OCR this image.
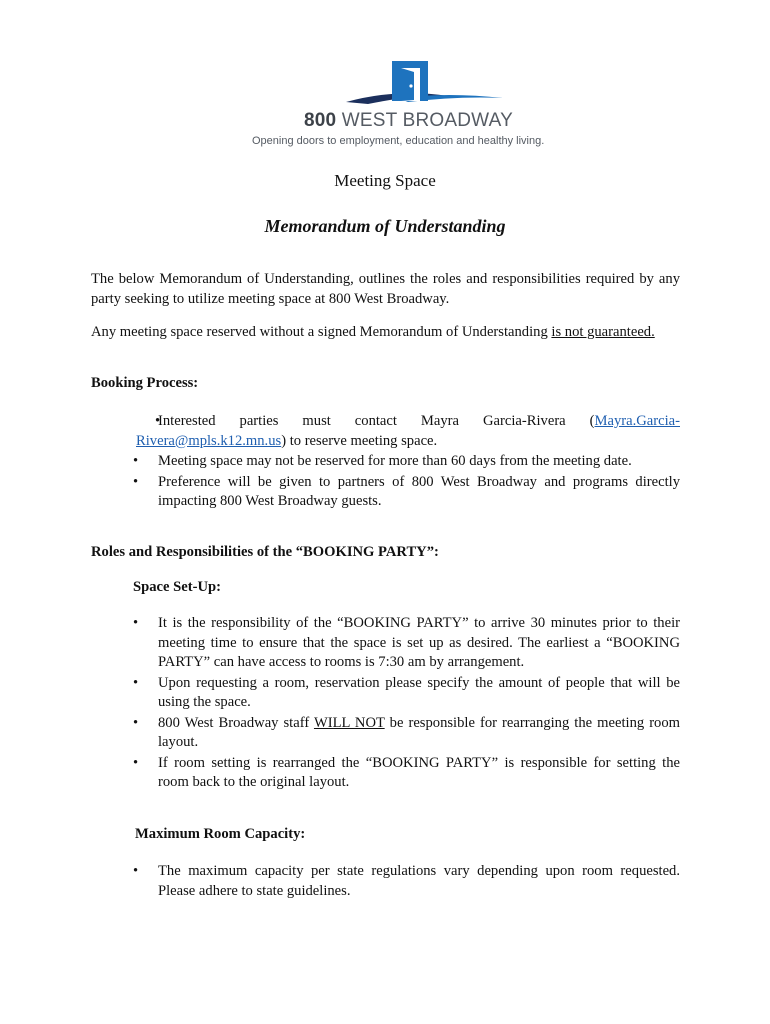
800 WEST BROADWAY
Opening doors to employment, education and healthy living.
Meeting Space
Memorandum of Understanding
The below Memorandum of Understanding, outlines the roles and responsibilities required by any party seeking to utilize meeting space at 800 West Broadway.
Any meeting space reserved without a signed Memorandum of Understanding is not guaranteed.
Booking Process:
• Interested parties must contact Mayra Garcia-Rivera (Mayra.Garcia-Rivera@mpls.k12.mn.us) to reserve meeting space.
• Meeting space may not be reserved for more than 60 days from the meeting date.
• Preference will be given to partners of 800 West Broadway and programs directly impacting 800 West Broadway guests.
Roles and Responsibilities of the “BOOKING PARTY”:
Space Set-Up:
• It is the responsibility of the “BOOKING PARTY” to arrive 30 minutes prior to their meeting time to ensure that the space is set up as desired. The earliest a “BOOKING PARTY” can have access to rooms is 7:30 am by arrangement.
• Upon requesting a room, reservation please specify the amount of people that will be using the space.
• 800 West Broadway staff WILL NOT be responsible for rearranging the meeting room layout.
• If room setting is rearranged the “BOOKING PARTY” is responsible for setting the room back to the original layout.
Maximum Room Capacity:
• The maximum capacity per state regulations vary depending upon room requested. Please adhere to state guidelines.
